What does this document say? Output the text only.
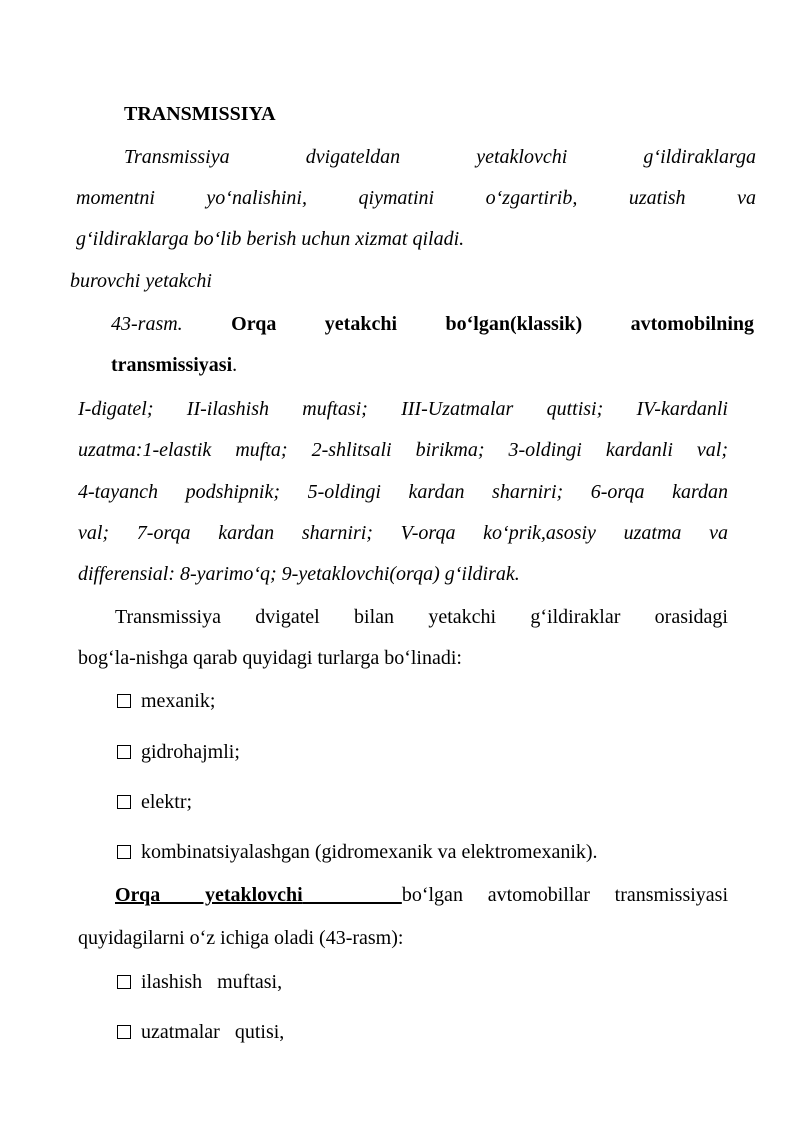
TRANSMISSIYA
Transmissiya dvigateldan yetaklovchi g‘ildiraklarga
momentni yo‘nalishini, qiymatini o‘zgartirib, uzatish va
g‘ildiraklarga bo‘lib berish uchun xizmat qiladi.
burovchi yetakchi
43-rasm. Orqa yetakchi bo‘lgan(klassik) avtomobilning
transmissiyasi.
I-digatel; II-ilashish muftasi; III-Uzatmalar quttisi; IV-kardanli
uzatma:1-elastik mufta; 2-shlitsali birikma; 3-oldingi kardanli val;
4-tayanch podshipnik; 5-oldingi kardan sharniri; 6-orqa kardan
val; 7-orqa kardan sharniri; V-orqa ko‘prik,asosiy uzatma va
differensial: 8-yarimo‘q; 9-yetaklovchi(orqa) g‘ildirak.
Transmissiya dvigatel bilan yetakchi g‘ildiraklar orasidagi
bog‘la-nishga qarab quyidagi turlarga bo‘linadi:
mexanik;
gidrohajmli;
elektr;
kombinatsiyalashgan (gidromexanik va elektromexanik).
Orqa yetaklovchi	bo‘lgan avtomobillar transmissiyasi
quyidagilarni o‘z ichiga oladi (43-rasm):
ilashish   muftasi,
uzatmalar   qutisi,
